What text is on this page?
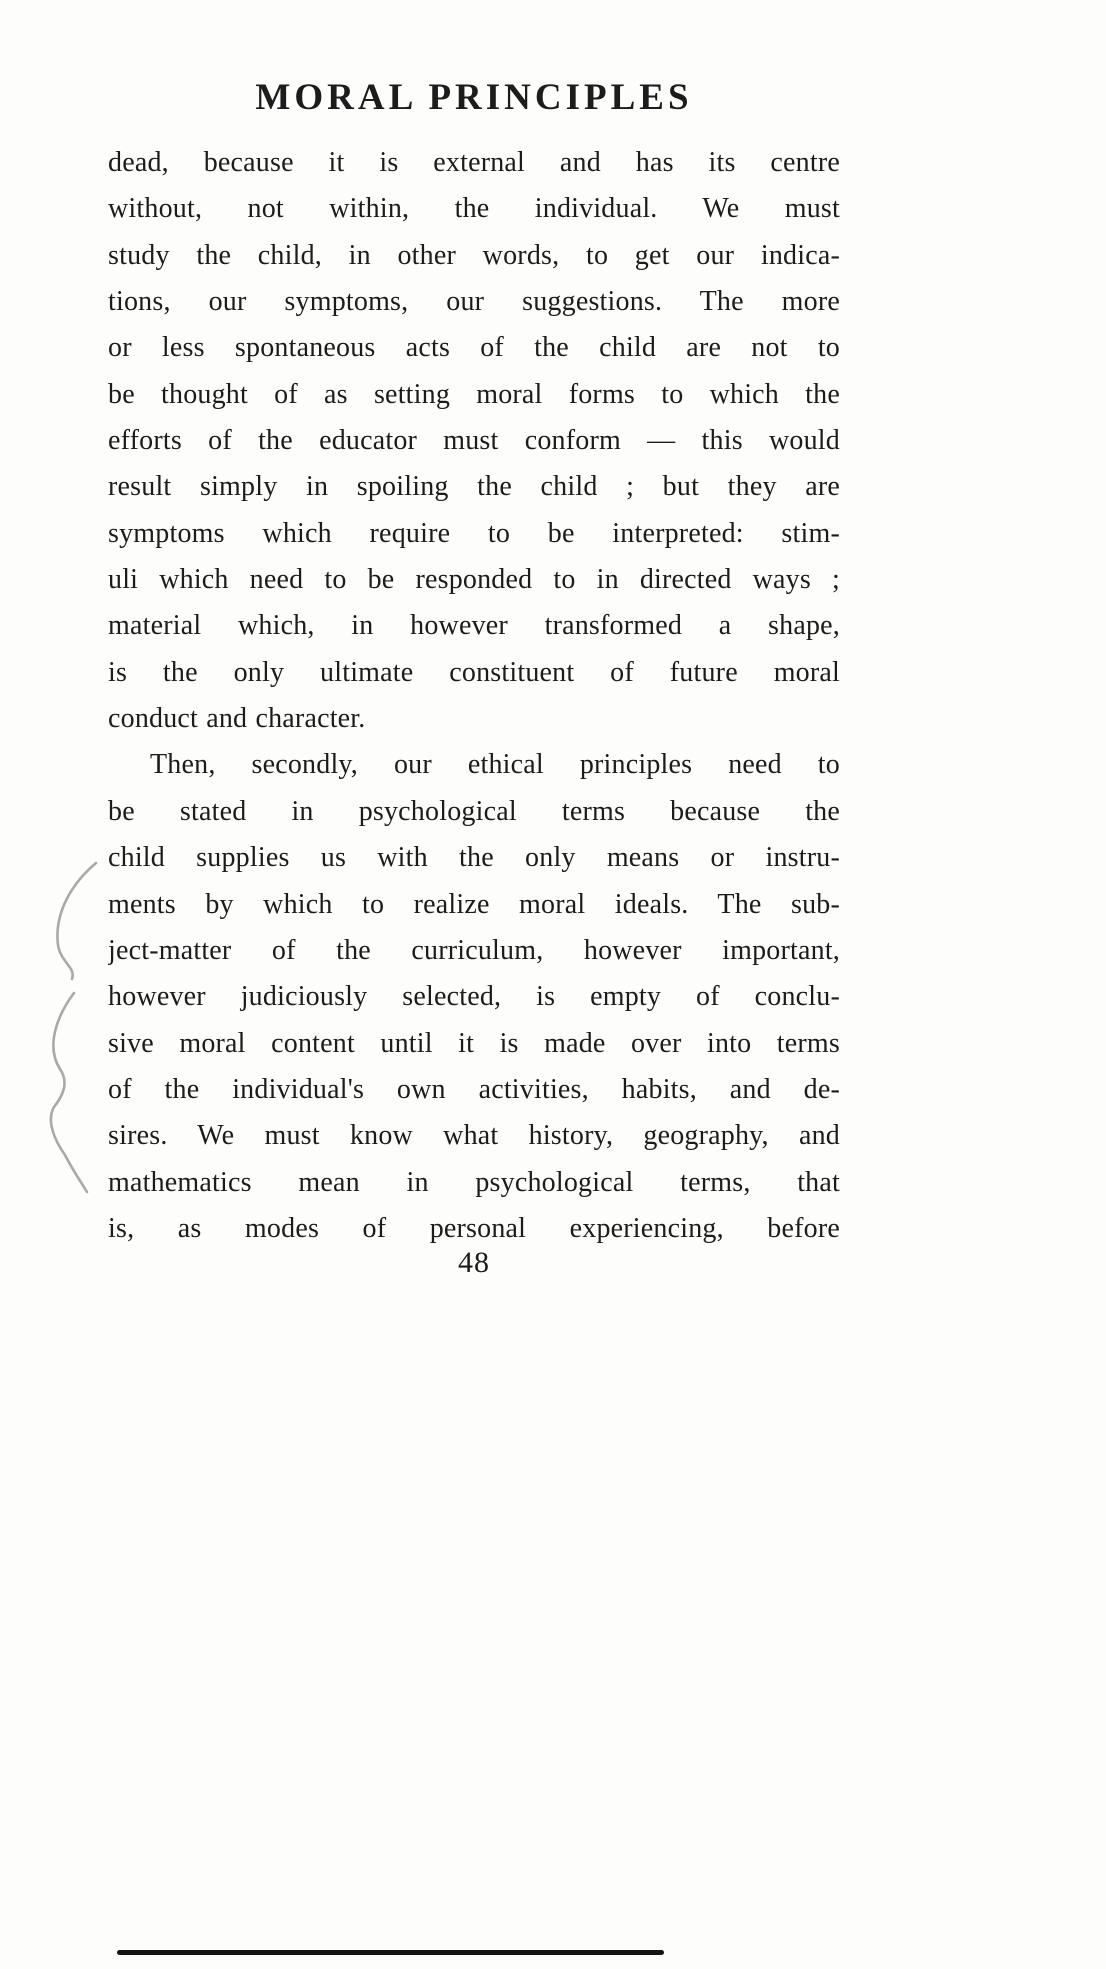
MORAL PRINCIPLES
dead, because it is external and has its centre
without, not within, the individual. We must
study the child, in other words, to get our indica-
tions, our symptoms, our suggestions. The more
or less spontaneous acts of the child are not to
be thought of as setting moral forms to which the
efforts of the educator must conform — this would
result simply in spoiling the child ; but they are
symptoms which require to be interpreted: stim-
uli which need to be responded to in directed ways ;
material which, in however transformed a shape,
is the only ultimate constituent of future moral
conduct and character.
Then, secondly, our ethical principles need to
be stated in psychological terms because the
child supplies us with the only means or instru-
ments by which to realize moral ideals. The sub-
ject-matter of the curriculum, however important,
however judiciously selected, is empty of conclu-
sive moral content until it is made over into terms
of the individual's own activities, habits, and de-
sires. We must know what history, geography, and
mathematics mean in psychological terms, that
is, as modes of personal experiencing, before
48
